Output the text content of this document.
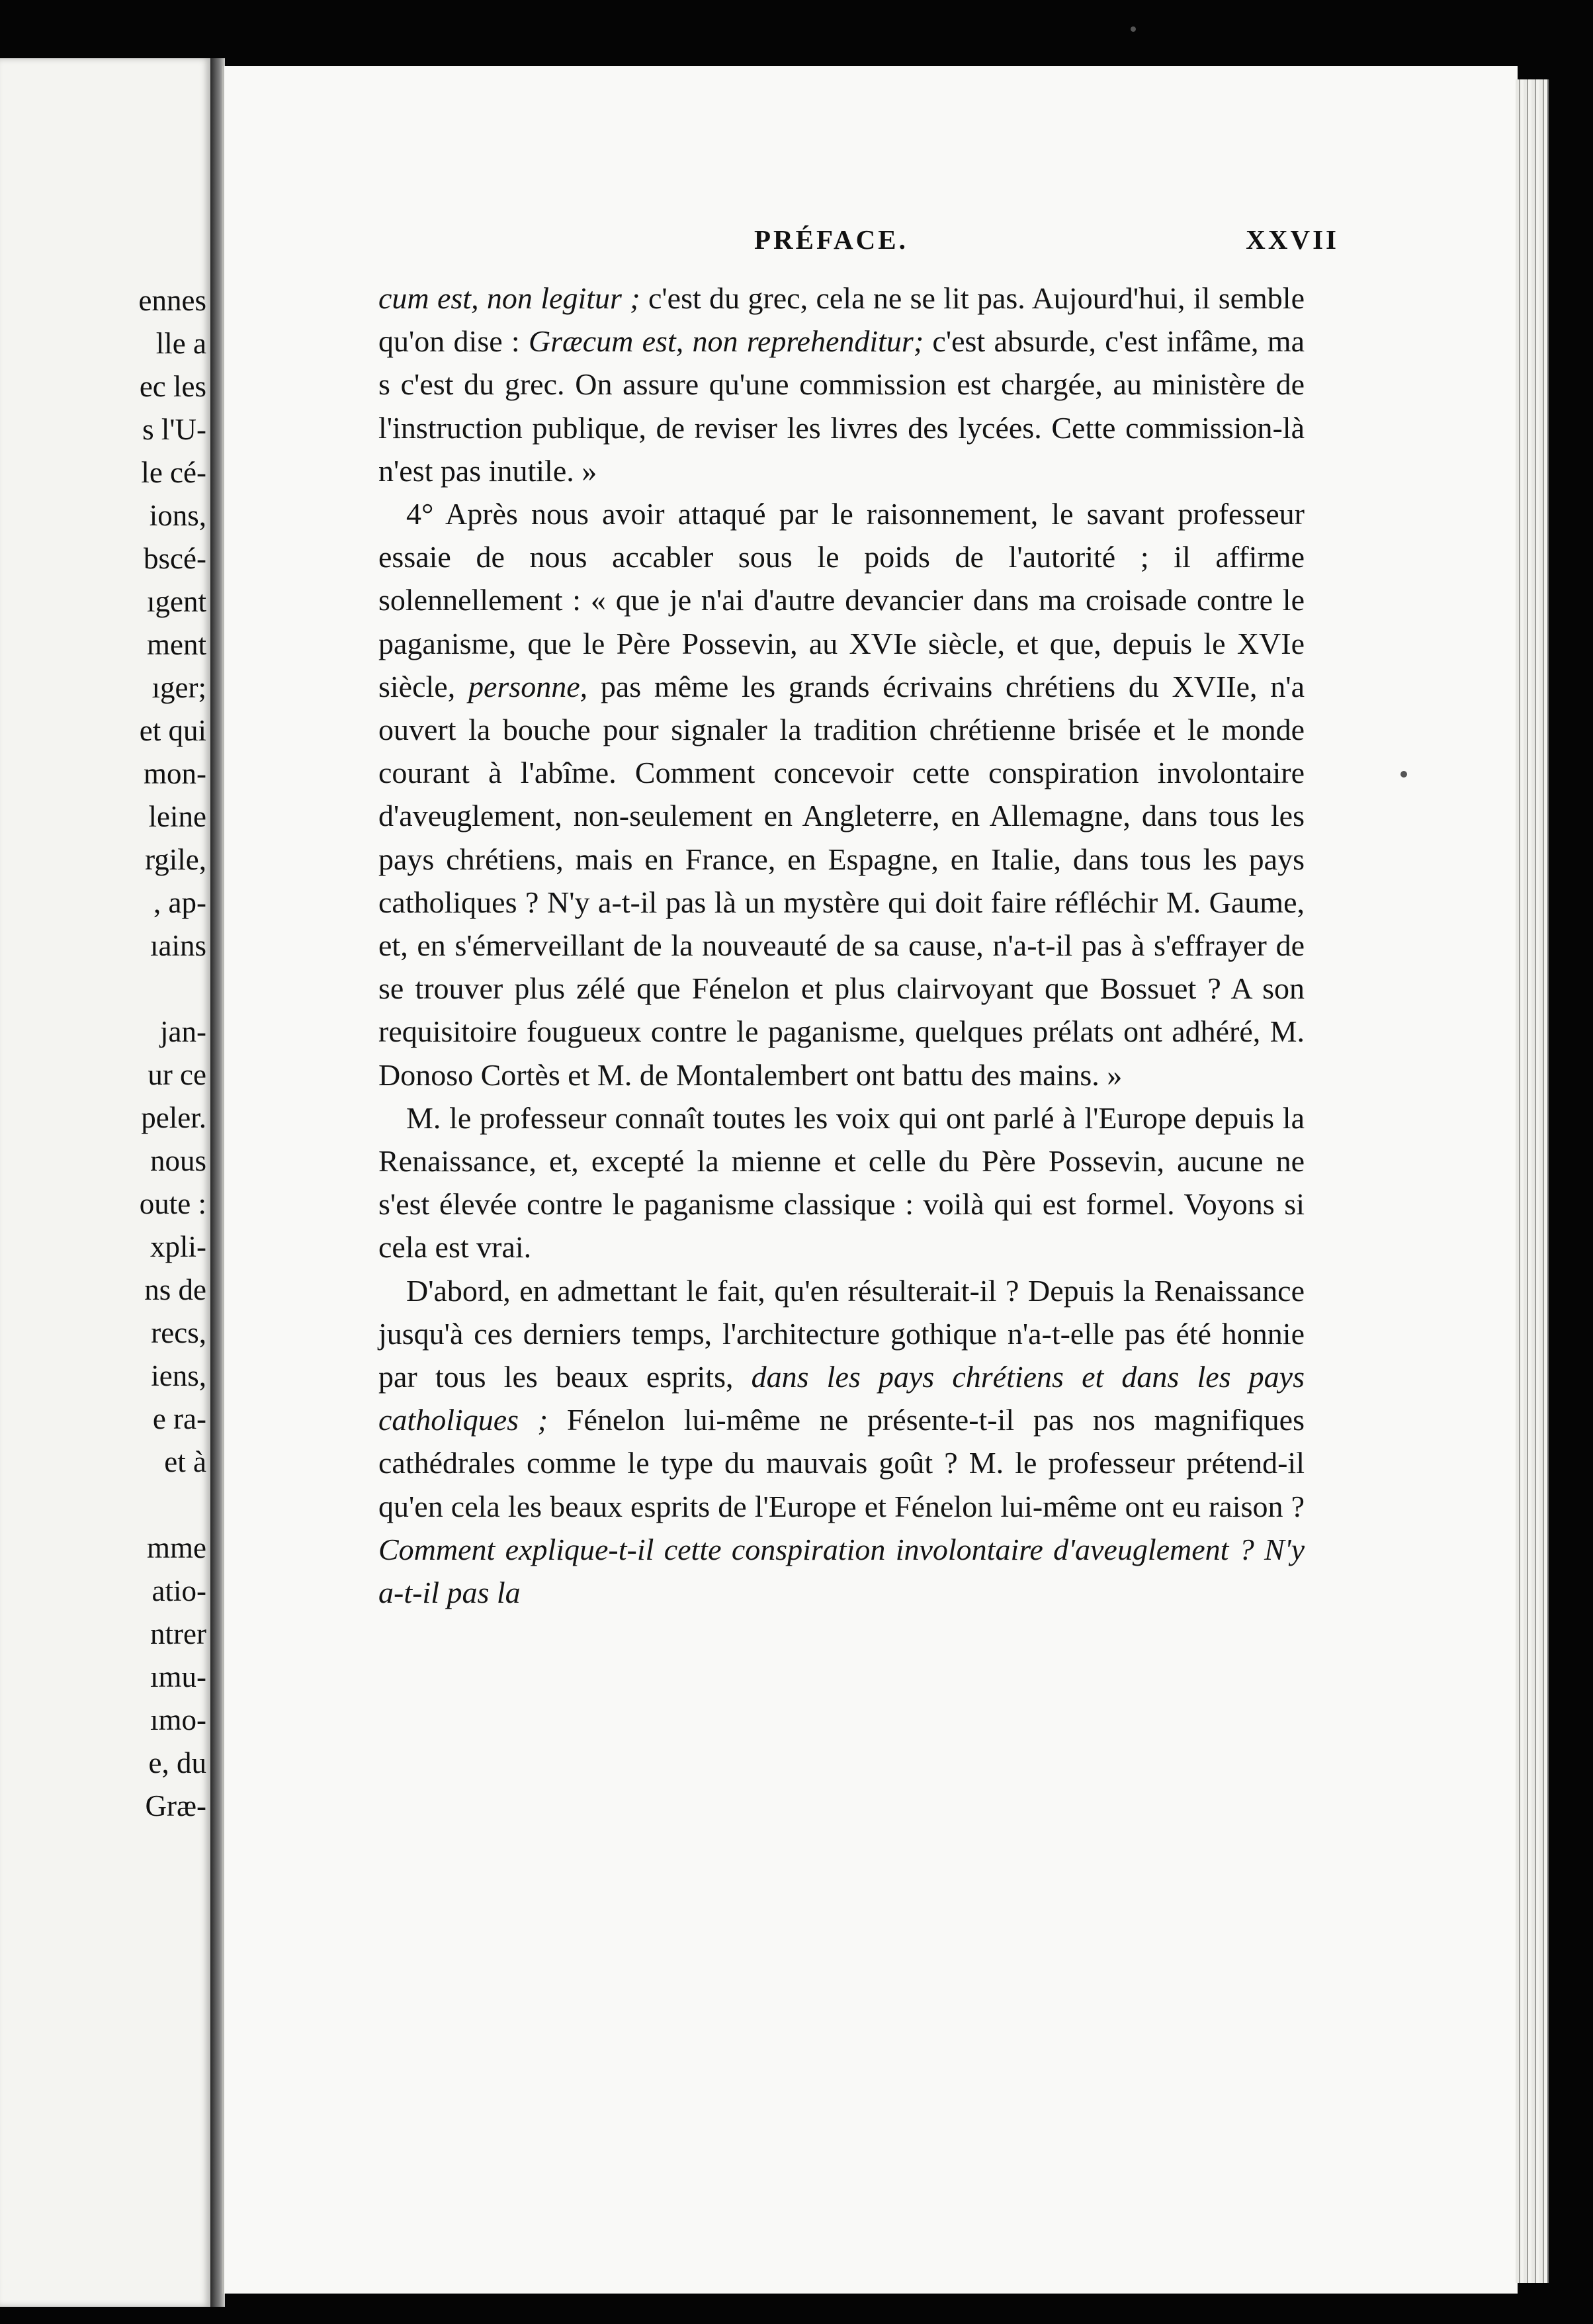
ennes

lle a

ec les

s l'U-

le cé-

ions,

bscé-

ıgent

ment

ıger;

et qui

mon-

leine

rgile,

, ap-

ıains

jan-

ur ce

peler.

nous

oute :

xpli-

ns de

recs,

iens,

e ra-

et à

mme

atio-

ntrer

ımu-

ımo-

e, du

Græ-

PRÉFACE.	XXVII

cum est, non legitur ; c'est du grec, cela ne se lit pas. Aujourd'hui, il semble qu'on dise : Græcum est, non reprehenditur; c'est absurde, c'est infâme, ma s c'est du grec. On assure qu'une commission est chargée, au ministère de l'instruction publique, de reviser les livres des lycées. Cette commission-là n'est pas inutile. »

4° Après nous avoir attaqué par le raisonnement, le savant professeur essaie de nous accabler sous le poids de l'autorité ; il affirme solennellement : « que je n'ai d'autre devancier dans ma croisade contre le paganisme, que le Père Possevin, au XVIe siècle, et que, depuis le XVIe siècle, personne, pas même les grands écrivains chrétiens du XVIIe, n'a ouvert la bouche pour signaler la tradition chrétienne brisée et le monde courant à l'abîme. Comment concevoir cette conspiration involontaire d'aveuglement, non-seulement en Angleterre, en Allemagne, dans tous les pays chrétiens, mais en France, en Espagne, en Italie, dans tous les pays catholiques ? N'y a-t-il pas là un mystère qui doit faire réfléchir M. Gaume, et, en s'émerveillant de la nouveauté de sa cause, n'a-t-il pas à s'effrayer de se trouver plus zélé que Fénelon et plus clairvoyant que Bossuet ? A son requisitoire fougueux contre le paganisme, quelques prélats ont adhéré, M. Donoso Cortès et M. de Montalembert ont battu des mains. »

M. le professeur connaît toutes les voix qui ont parlé à l'Europe depuis la Renaissance, et, excepté la mienne et celle du Père Possevin, aucune ne s'est élevée contre le paganisme classique : voilà qui est formel. Voyons si cela est vrai.

D'abord, en admettant le fait, qu'en résulterait-il ? Depuis la Renaissance jusqu'à ces derniers temps, l'architecture gothique n'a-t-elle pas été honnie par tous les beaux esprits, dans les pays chrétiens et dans les pays catholiques ; Fénelon lui-même ne présente-t-il pas nos magnifiques cathédrales comme le type du mauvais goût ? M. le professeur prétend-il qu'en cela les beaux esprits de l'Europe et Fénelon lui-même ont eu raison ? Comment explique-t-il cette conspiration involontaire d'aveuglement ? N'y a-t-il pas la
